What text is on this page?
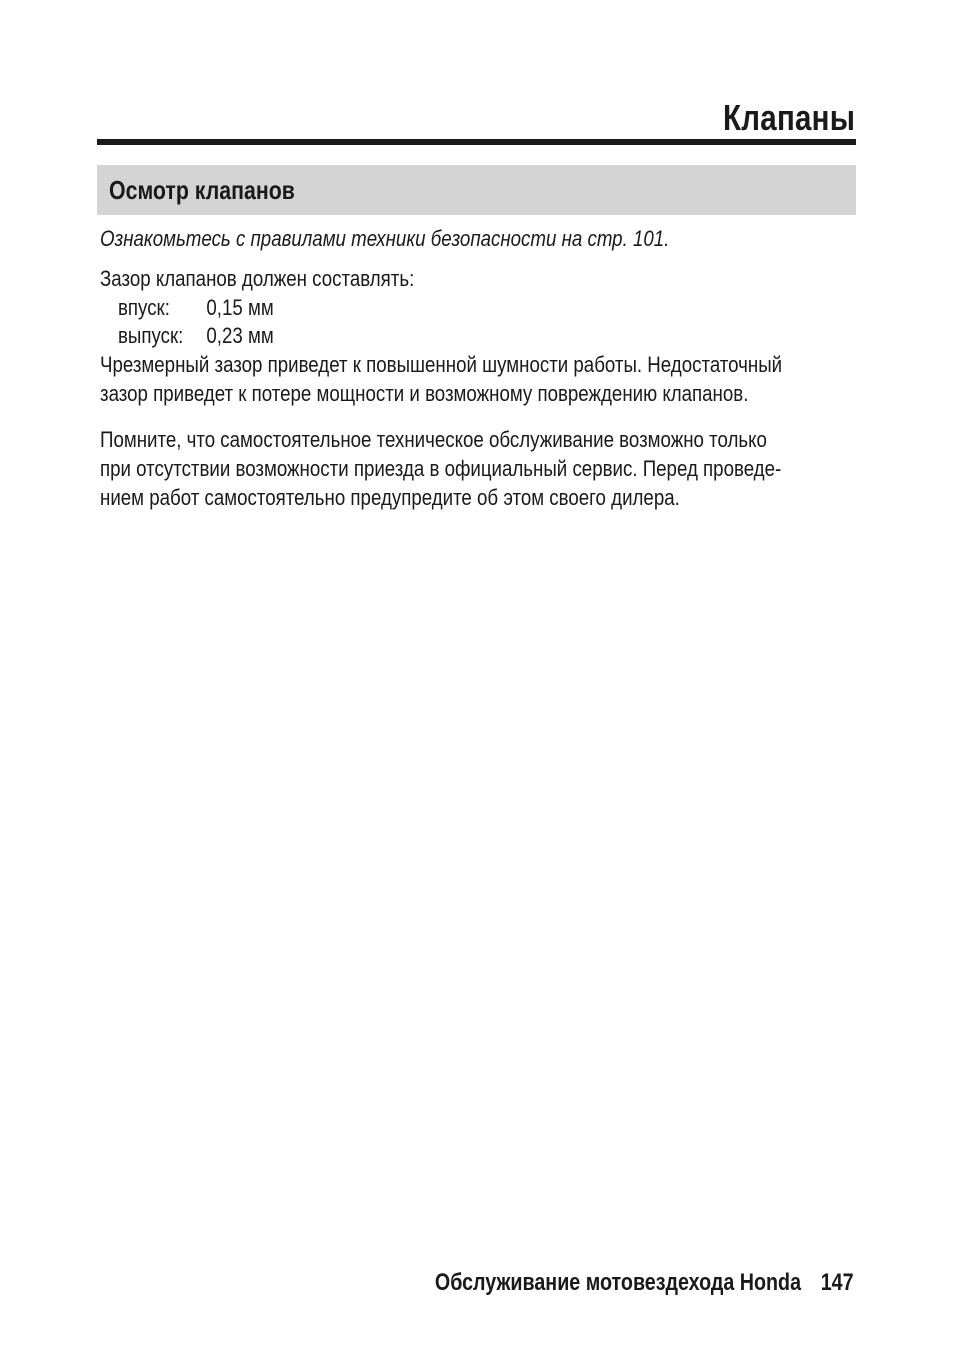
Клапаны
Осмотр клапанов

Ознакомьтесь с правилами техники безопасности на стр. 101.

Зазор клапанов должен составлять:

впуск: 0,15 мм
выпуск: 0,23 мм

Чрезмерный зазор приведет к повышенной шумности работы. Недостаточный
зазор приведет к потере мощности и возможному повреждению клапанов.

Помните, что самостоятельное техническое обслуживание возможно только
при отсутствии возможности приезда в официальный сервис. Перед проведе-
нием работ самостоятельно предупредите об этом своего дилера.

Обслуживание мотовездехода Honda 147
